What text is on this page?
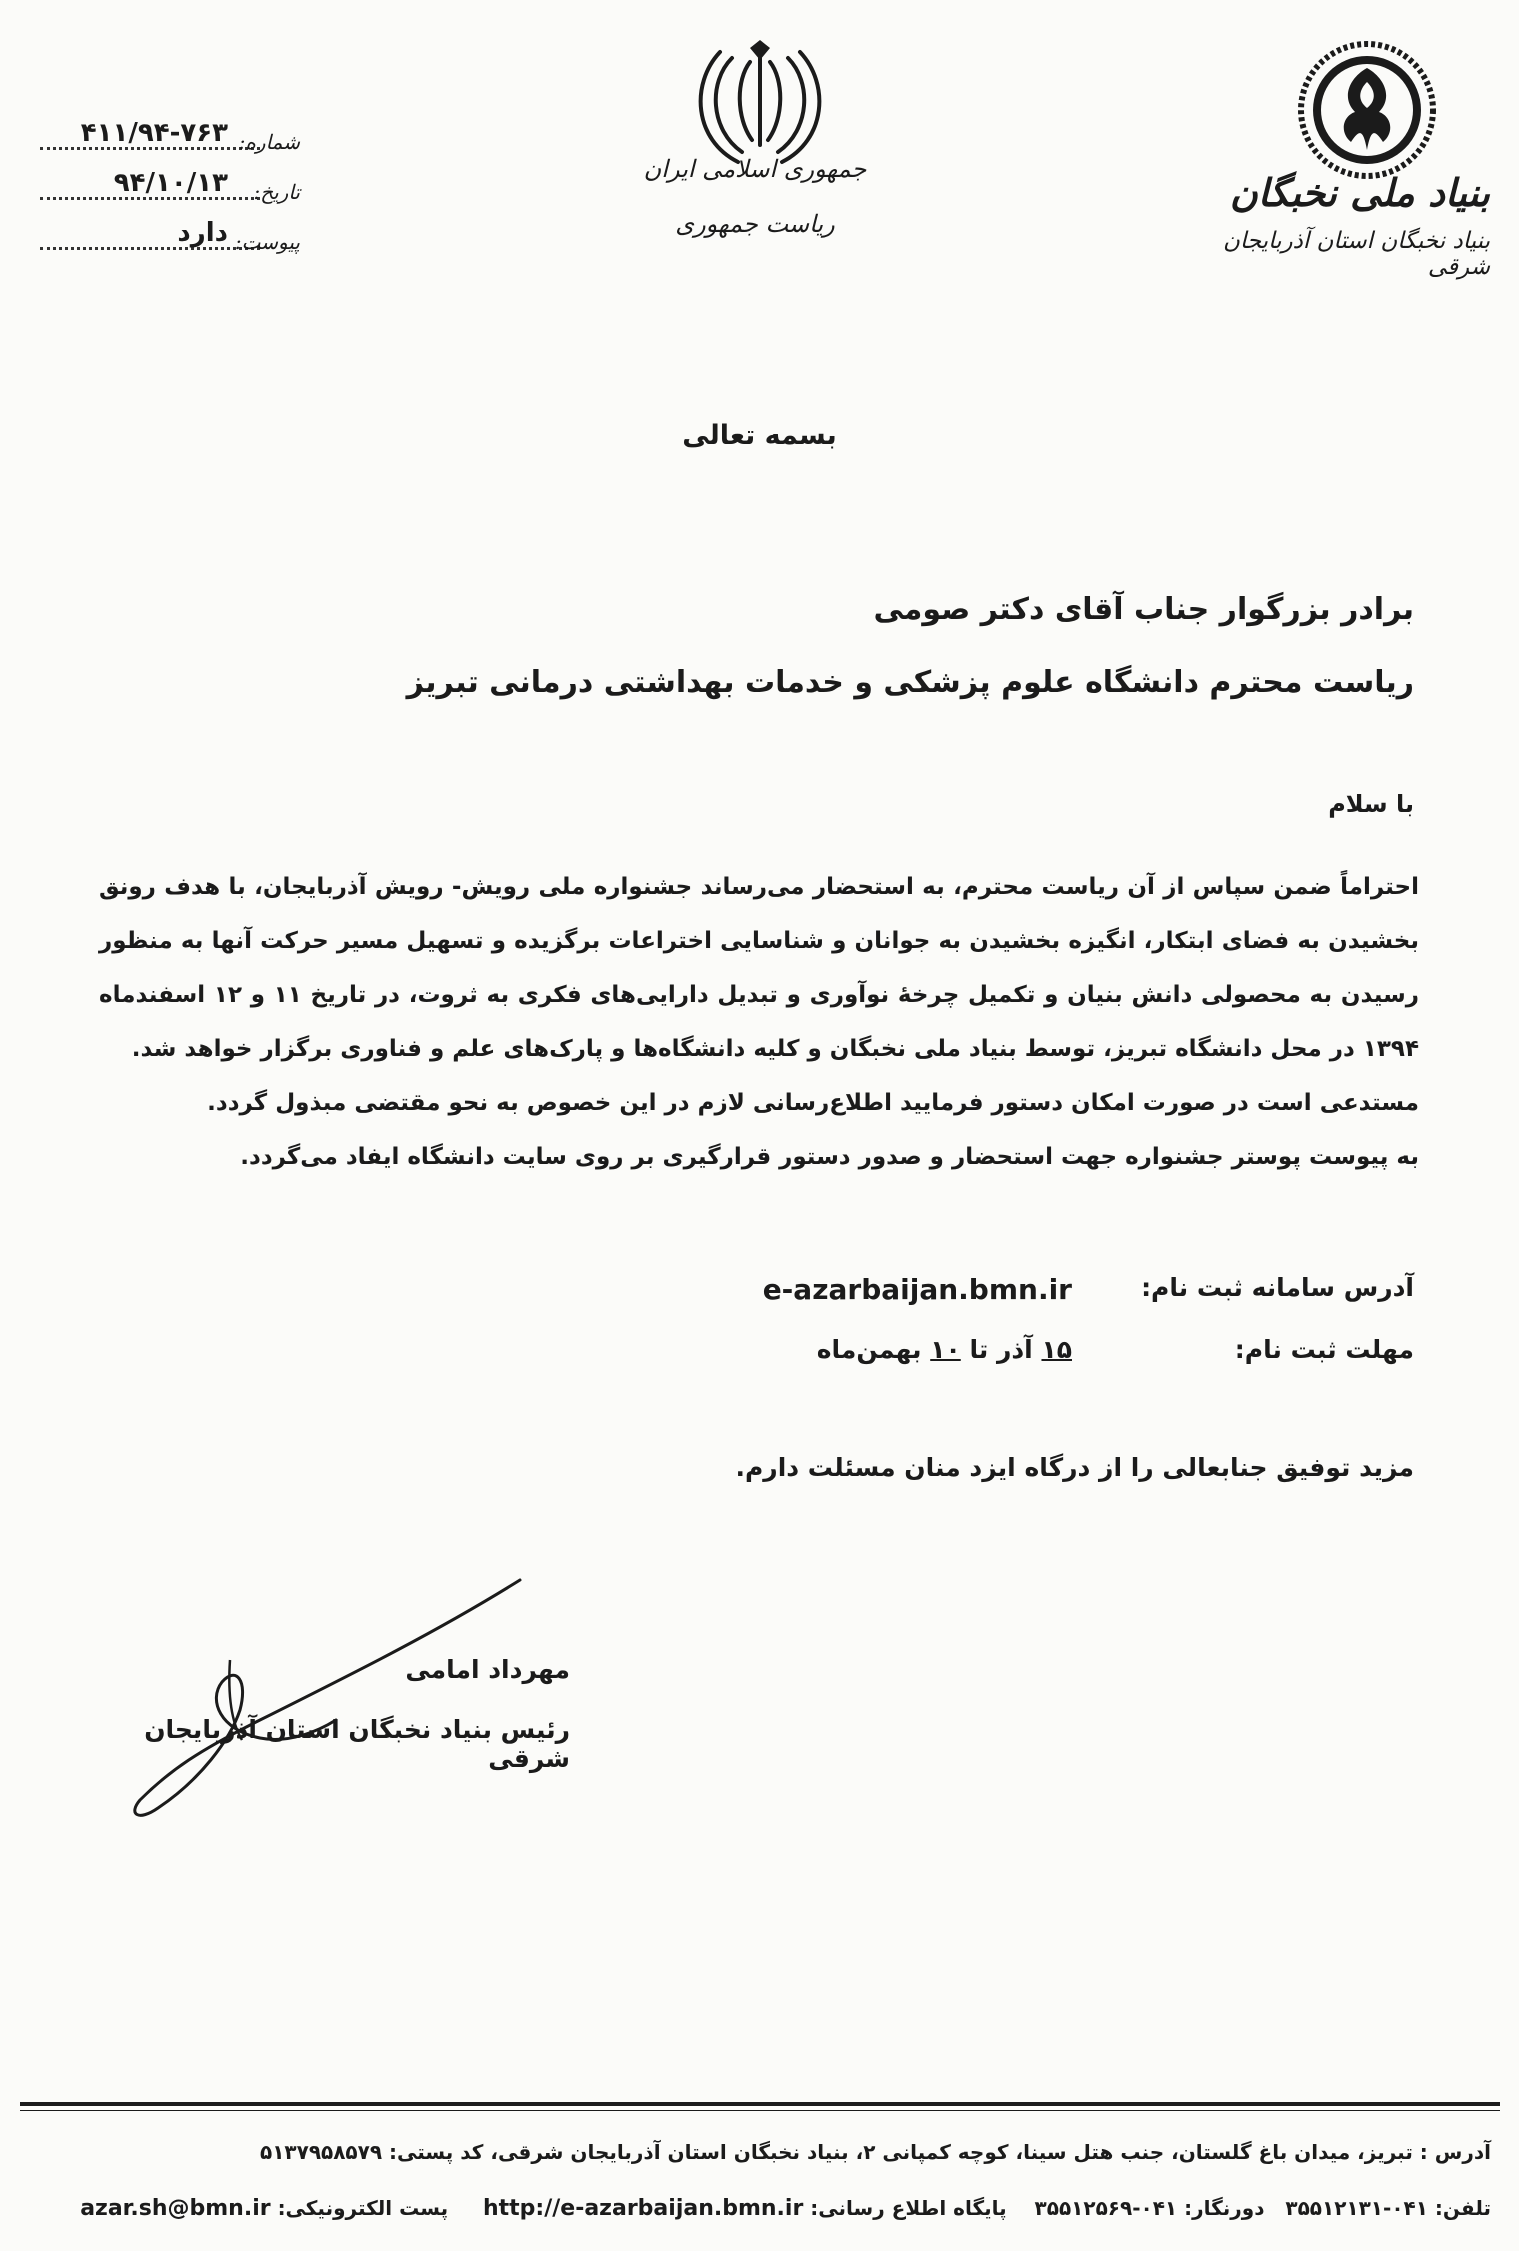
جمهوری اسلامی ایران
ریاست جمهوری
بنیاد ملی نخبگان
بنیاد نخبگان استان آذربایجان شرقی
۴۱۱/۹۴-۷۶۳ شماره:
۹۴/۱۰/۱۳ تاریخ:
دارد پیوست:
بسمه تعالی
برادر بزرگوار جناب آقای دکتر صومی
ریاست محترم دانشگاه علوم پزشکی و خدمات بهداشتی درمانی تبریز
با سلام

احتراماً ضمن سپاس از آن ریاست محترم، به استحضار می‌رساند جشنواره ملی رویش- رویش آذربایجان، با هدف رونق بخشیدن به فضای ابتکار، انگیزه بخشیدن به جوانان و شناسایی اختراعات برگزیده و تسهیل مسیر حرکت آنها به منظور رسیدن به محصولی دانش بنیان و تکمیل چرخهٔ نوآوری و تبدیل دارایی‌های فکری به ثروت، در تاریخ ۱۱ و ۱۲ اسفندماه ۱۳۹۴ در محل دانشگاه تبریز، توسط بنیاد ملی نخبگان و کلیه دانشگاه‌ها و پارک‌های علم و فناوری برگزار خواهد شد.

مستدعی است در صورت امکان دستور فرمایید اطلاع‌رسانی لازم در این خصوص به نحو مقتضی مبذول گردد.

به پیوست پوستر جشنواره جهت استحضار و صدور دستور قرارگیری بر روی سایت دانشگاه ایفاد می‌گردد.

آدرس سامانه ثبت نام:
e-azarbaijan.bmn.ir
مهلت ثبت نام:
۱۵ آذر تا ۱۰ بهمن‌ماه
مزید توفیق جنابعالی را از درگاه ایزد منان مسئلت دارم.
مهرداد امامی
رئیس بنیاد نخبگان استان آذربایجان شرقی
آدرس : تبریز، میدان باغ گلستان، جنب هتل سینا، کوچه کمپانی ۲، بنیاد نخبگان استان آذربایجان شرقی، کد پستی: ۵۱۳۷۹۵۸۵۷۹
تلفن: ۰۴۱-۳۵۵۱۲۱۳۱   دورنگار: ۰۴۱-۳۵۵۱۲۵۶۹    پایگاه اطلاع رسانی: http://e-azarbaijan.bmn.ir     پست الکترونیکی: azar.sh@bmn.ir
